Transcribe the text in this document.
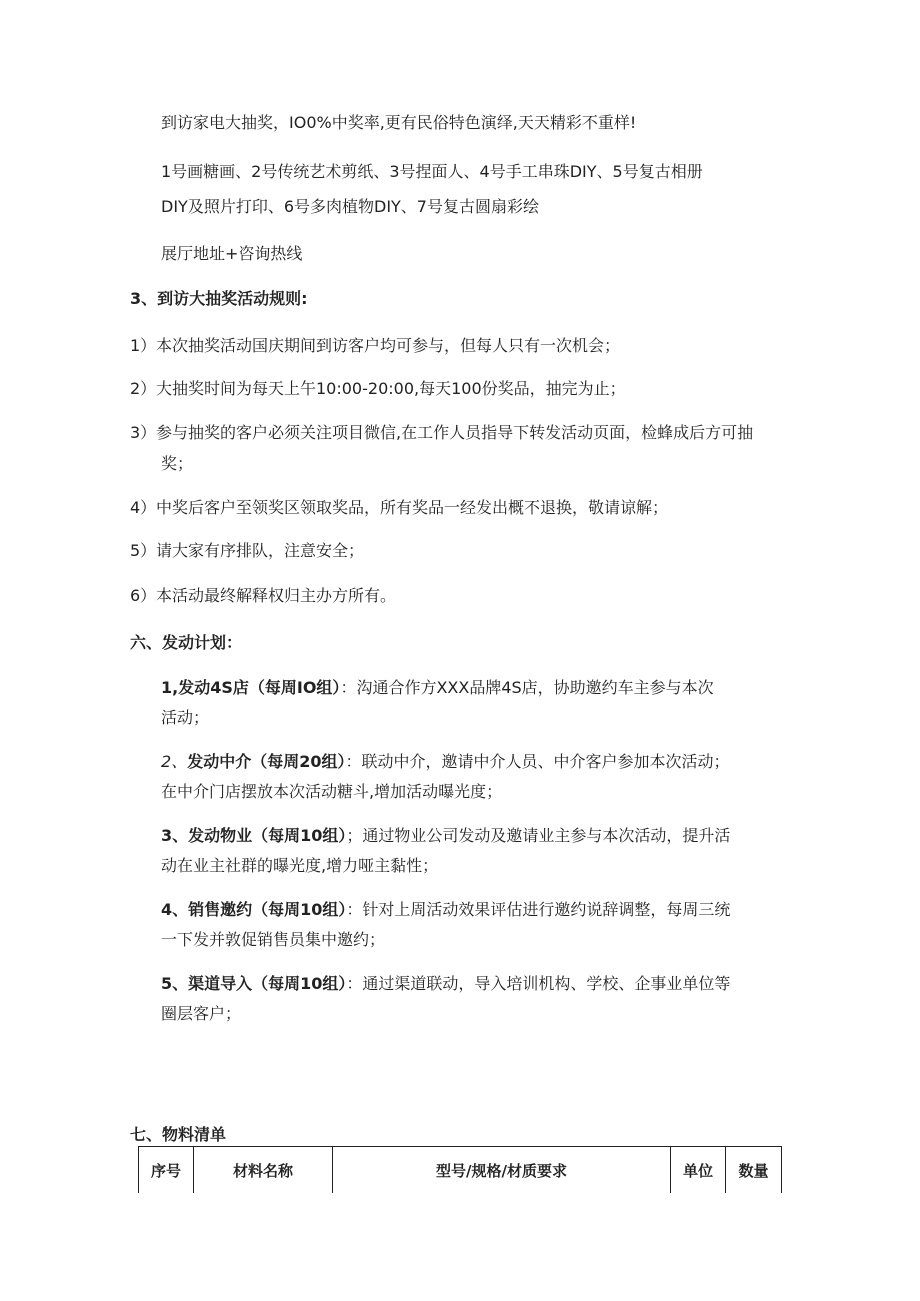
到访家电大抽奖，IO0%中奖率,更有民俗特色演绎,天天精彩不重样!
1号画糖画、2号传统艺术剪纸、3号捏面人、4号手工串珠DIY、5号复古相册
DIY及照片打印、6号多肉植物DIY、7号复古圆扇彩绘
展厅地址+咨询热线
3、到访大抽奖活动规则:
1） 本次抽奖活动国庆期间到访客户均可参与，但每人只有一次机会；
2） 大抽奖时间为每天上午10:00-20:00,每天100份奖品，抽完为止；
3） 参与抽奖的客户必须关注项目微信,在工作人员指导下转发活动页面，检蜂成后方可抽
奖；
4） 中奖后客户至领奖区领取奖品，所有奖品一经发出概不退换，敬请谅解；
5） 请大家有序排队，注意安全；
6） 本活动最终解释权归主办方所有。
六、发动计划：
1,发动4S店（每周IO组）：沟通合作方XXX品牌4S店，协助邀约车主参与本次
活动；
2、发动中介（每周20组）：联动中介，邀请中介人员、中介客户参加本次活动；
在中介门店摆放本次活动糖斗,增加活动曝光度；
3、发动物业（每周10组）；通过物业公司发动及邀请业主参与本次活动，提升活
动在业主社群的曝光度,增力哑主黏性；
4、销售邀约（每周10组）：针对上周活动效果评估进行邀约说辞调整，每周三统
一下发并敦促销售员集中邀约；
5、渠道导入（每周10组）：通过渠道联动，导入培训机构、学校、企事业单位等
圈层客户；
七、物料清单
序号	材料名称	型号/规格/材质要求	单位	数量
